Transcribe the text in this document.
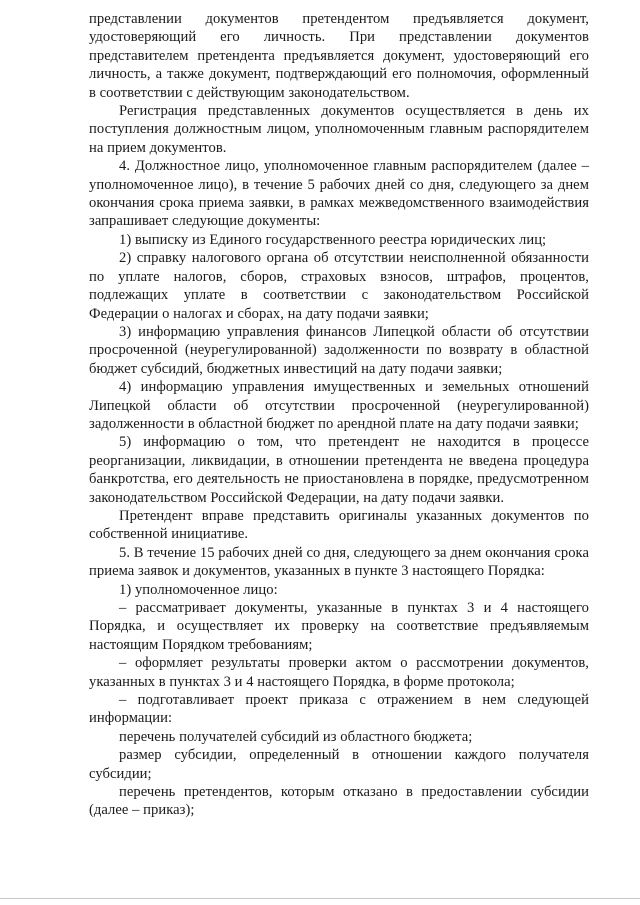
представлении документов претендентом предъявляется документ, удостоверяющий его личность. При представлении документов представителем претендента предъявляется документ, удостоверяющий его личность, а также документ, подтверждающий его полномочия, оформленный в соответствии с действующим законодательством.

Регистрация представленных документов осуществляется в день их поступления должностным лицом, уполномоченным главным распорядителем на прием документов.

4. Должностное лицо, уполномоченное главным распорядителем (далее – уполномоченное лицо), в течение 5 рабочих дней со дня, следующего за днем окончания срока приема заявки, в рамках межведомственного взаимодействия запрашивает следующие документы:

1) выписку из Единого государственного реестра юридических лиц;

2) справку налогового органа об отсутствии неисполненной обязанности по уплате налогов, сборов, страховых взносов, штрафов, процентов, подлежащих уплате в соответствии с законодательством Российской Федерации о налогах и сборах, на дату подачи заявки;

3) информацию управления финансов Липецкой области об отсутствии просроченной (неурегулированной) задолженности по возврату в областной бюджет субсидий, бюджетных инвестиций на дату подачи заявки;

4) информацию управления имущественных и земельных отношений Липецкой области об отсутствии просроченной (неурегулированной) задолженности в областной бюджет по арендной плате на дату подачи заявки;

5) информацию о том, что претендент не находится в процессе реорганизации, ликвидации, в отношении претендента не введена процедура банкротства, его деятельность не приостановлена в порядке, предусмотренном законодательством Российской Федерации, на дату подачи заявки.

Претендент вправе представить оригиналы указанных документов по собственной инициативе.

5. В течение 15 рабочих дней со дня, следующего за днем окончания срока приема заявок и документов, указанных в пункте 3 настоящего Порядка:

1) уполномоченное лицо:

– рассматривает документы, указанные в пунктах 3 и 4 настоящего Порядка, и осуществляет их проверку на соответствие предъявляемым настоящим Порядком требованиям;

– оформляет результаты проверки актом о рассмотрении документов, указанных в пунктах 3 и 4 настоящего Порядка, в форме протокола;

– подготавливает проект приказа с отражением в нем следующей информации:

перечень получателей субсидий из областного бюджета;

размер субсидии, определенный в отношении каждого получателя субсидии;

перечень претендентов, которым отказано в предоставлении субсидии (далее – приказ);
